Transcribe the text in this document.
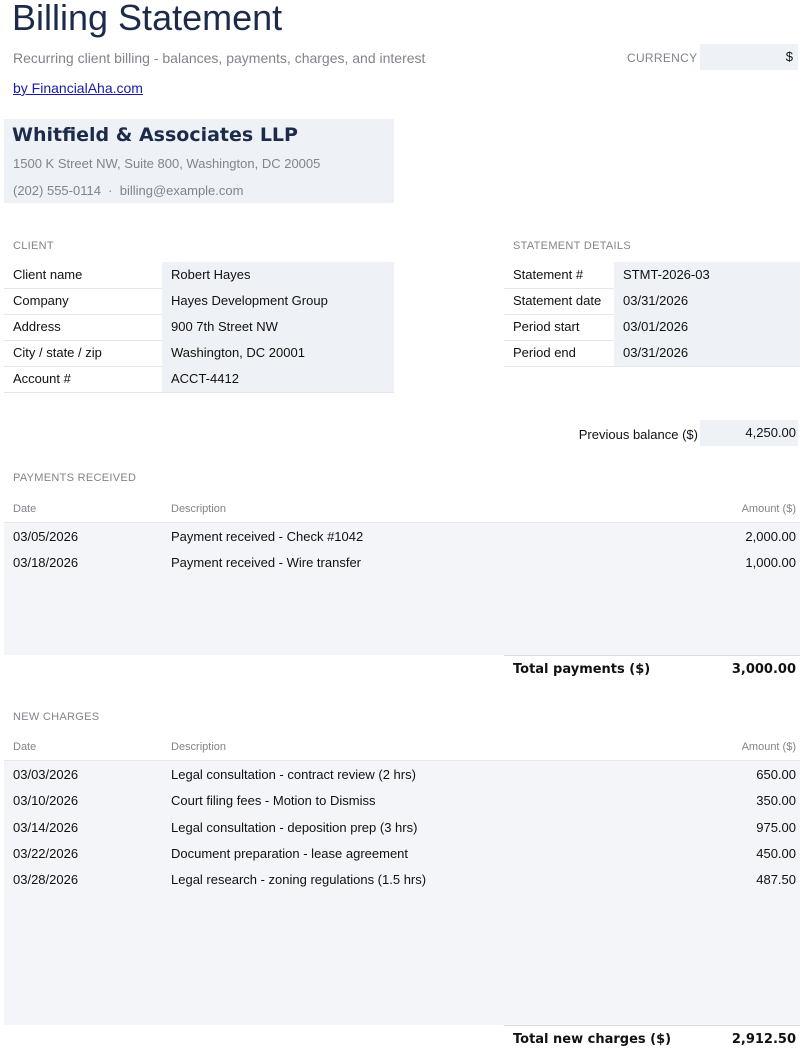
Billing Statement
Recurring client billing - balances, payments, charges, and interest
by FinancialAha.com
CURRENCY	$
Whitfield & Associates LLP
1500 K Street NW, Suite 800, Washington, DC 20005
(202) 555-0114  ·  billing@example.com
CLIENT
Client name	Robert Hayes
Company	Hayes Development Group
Address	900 7th Street NW
City / state / zip	Washington, DC 20001
Account #	ACCT-4412
STATEMENT DETAILS
Statement #	STMT-2026-03
Statement date	03/31/2026
Period start	03/01/2026
Period end	03/31/2026
Previous balance ($)	4,250.00
PAYMENTS RECEIVED
Date	Description	Amount ($)
03/05/2026	Payment received - Check #1042	2,000.00
03/18/2026	Payment received - Wire transfer	1,000.00
Total payments ($)	3,000.00
NEW CHARGES
Date	Description	Amount ($)
03/03/2026	Legal consultation - contract review (2 hrs)	650.00
03/10/2026	Court filing fees - Motion to Dismiss	350.00
03/14/2026	Legal consultation - deposition prep (3 hrs)	975.00
03/22/2026	Document preparation - lease agreement	450.00
03/28/2026	Legal research - zoning regulations (1.5 hrs)	487.50
Total new charges ($)	2,912.50
